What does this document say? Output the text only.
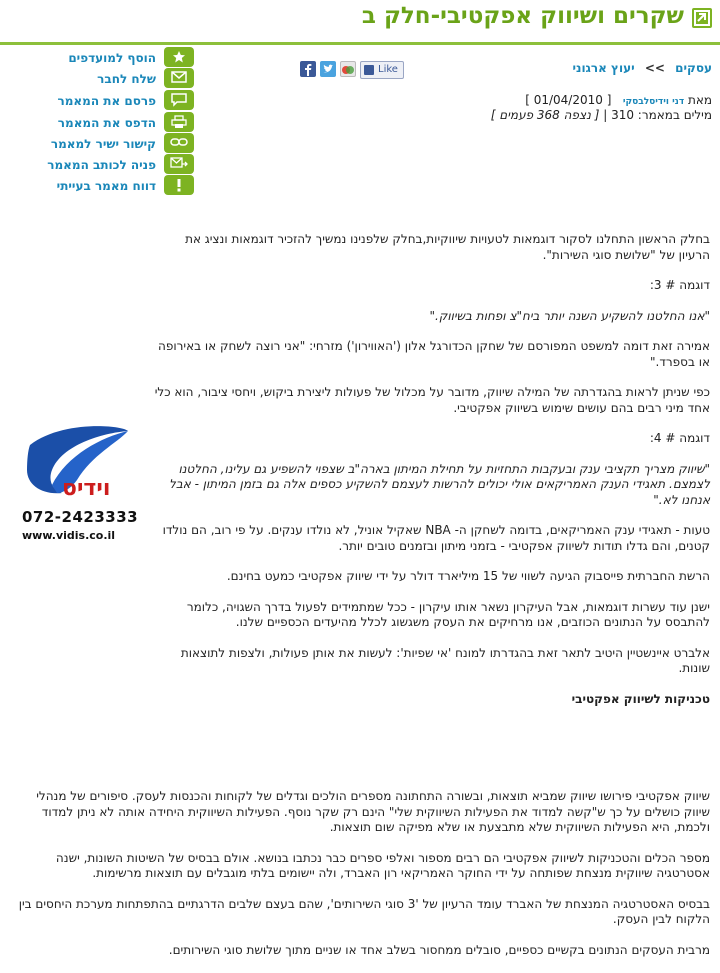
שקרים ושיווק אפקטיבי-חלק ב
עסקים >> יעוץ ארגוני
Like
מאת דני וידיסלבסקי   [ 01/04/2010 ]
מילים במאמר: 310 | [ נצפה 368 פעמים ]
הוסף למועדפים
שלח לחבר
פרסם את המאמר
הדפס את המאמר
קישור ישיר למאמר
פניה לכותב המאמר
דווח מאמר בעייתי
וידיס
072-2423333
www.vidis.co.il

בחלק הראשון התחלנו לסקור דוגמאות לטעויות שיווקיות,בחלק שלפנינו נמשיך להזכיר דוגמאות ונציג את הרעיון של "שלושת סוגי השירות".

דוגמה # 3:

"אנו החלטנו להשקיע השנה יותר ביח"צ ופחות בשיווק."

אמירה זאת דומה למשפט המפורסם של שחקן הכדורגל אלון ('האווירון') מזרחי: "אני רוצה לשחק או באירופה או בספרד."

כפי שניתן לראות בהגדרתה של המילה שיווק, מדובר על מכלול של פעולות ליצירת ביקוש, ויחסי ציבור, הוא כלי אחד מיני רבים בהם עושים שימוש בשיווק אפקטיבי.

דוגמה # 4:

"שיווק מצריך תקציבי ענק ובעקבות התחזיות על תחילת המיתון בארה"ב שצפוי להשפיע גם עלינו, החלטנו לצמצם. תאגידי הענק האמריקאים אולי יכולים להרשות לעצמם להשקיע כספים אלה גם בזמן המיתון - אבל אנחנו לא."

טעות - תאגידי ענק האמריקאים, בדומה לשחקן ה- NBA שאקיל אוניל, לא נולדו ענקים. על פי רוב, הם נולדו קטנים, והם גדלו תודות לשיווק אפקטיבי - בזמני מיתון ובזמנים טובים יותר.

הרשת החברתית פייסבוק הגיעה לשווי של 15 מיליארד דולר על ידי שיווק אפקטיבי כמעט בחינם.

ישנן עוד עשרות דוגמאות, אבל העיקרון נשאר אותו עיקרון - ככל שמתמידים לפעול בדרך השגויה, כלומר להתבסס על הנתונים הכוזבים, אנו מרחיקים את העסק משגשוג לכלל מהיעדים הכספיים שלנו.

אלברט איינשטיין היטיב לתאר זאת בהגדרתו למונח 'אי שפיות': לעשות את אותן פעולות, ולצפות לתוצאות שונות.

טכניקות לשיווק אפקטיבי

שיווק אפקטיבי פירושו שיווק שמביא תוצאות, ובשורה התחתונה מספרים הולכים וגדלים של לקוחות והכנסות לעסק. סיפורים של מנהלי שיווק כושלים על כך ש"קשה למדוד את הפעילות השיווקית שלי" הינם רק שקר נוסף. הפעילות השיווקית היחידה אותה לא ניתן למדוד ולכמת, היא הפעילות השיווקית שלא מתבצעת או שלא מפיקה שום תוצאות.

מספר הכלים והטכניקות לשיווק אפקטיבי הם רבים מספור ואלפי ספרים כבר נכתבו בנושא. אולם בבסיס של השיטות השונות, ישנה אסטרטגיה שיווקית מנצחת שפותחה על ידי החוקר האמריקאי רון האברד, ולה יישומים בלתי מוגבלים עם תוצאות מרשימות.

בבסיס האסטרטגיה המנצחת של האברד עומד הרעיון של '3 סוגי השירותים', שהם בעצם שלבים הדרגתיים בהתפתחות מערכת היחסים בין הלקוח לבין העסק.

מרבית העסקים הנתונים בקשיים כספיים, סובלים ממחסור בשלב אחד או שניים מתוך שלושת סוגי השירותים.
